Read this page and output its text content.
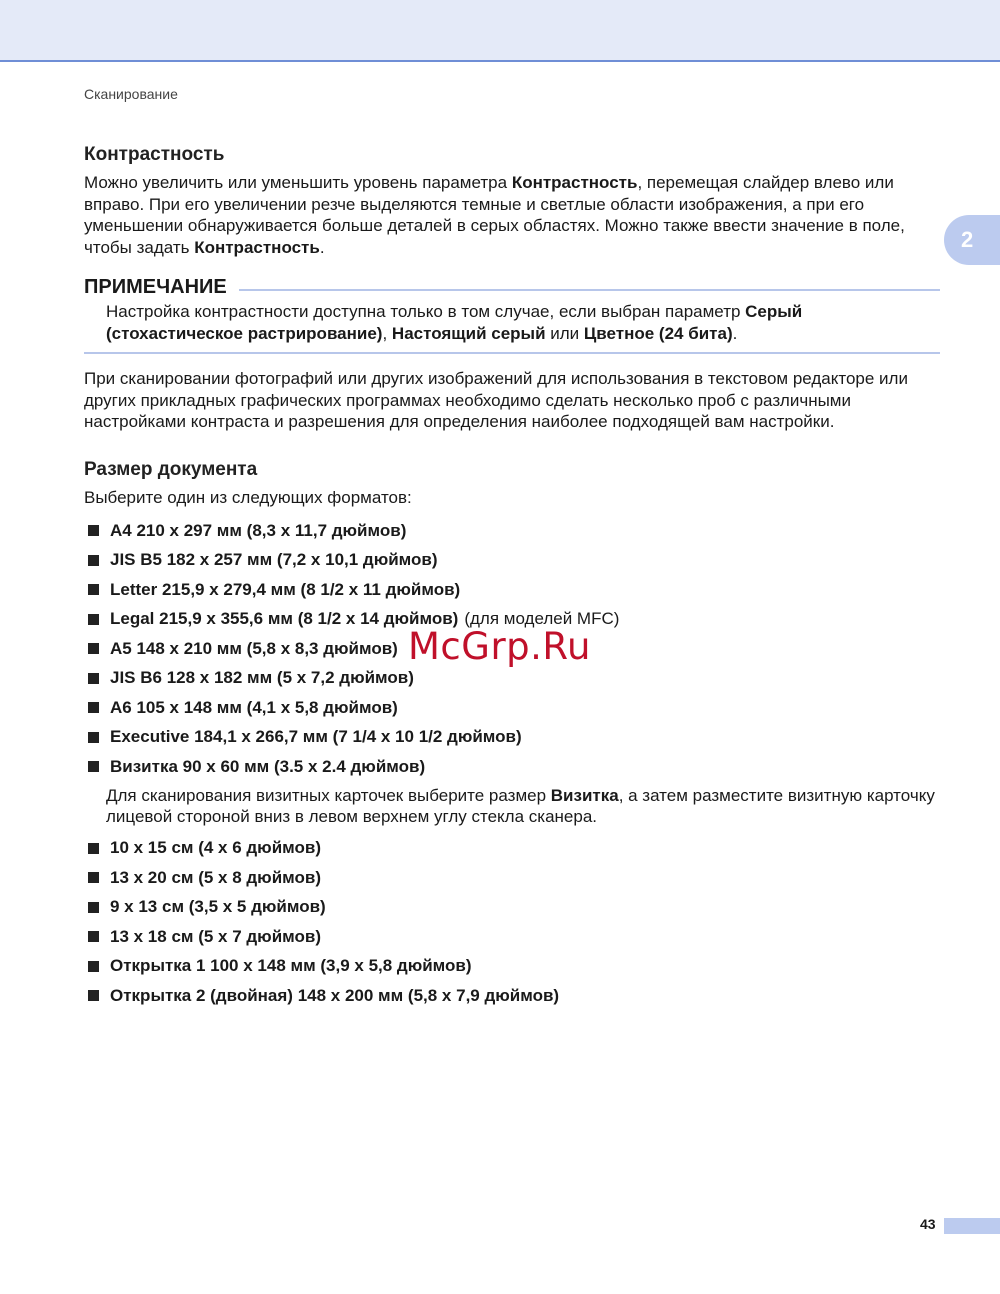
Сканирование
2
Контрастность

Можно увеличить или уменьшить уровень параметра Контрастность, перемещая слайдер влево или вправо. При его увеличении резче выделяются темные и светлые области изображения, а при его уменьшении обнаруживается больше деталей в серых областях. Можно также ввести значение в поле, чтобы задать Контрастность.

ПРИМЕЧАНИЕ

Настройка контрастности доступна только в том случае, если выбран параметр Серый (стохастическое растрирование), Настоящий серый или Цветное (24 бита).

При сканировании фотографий или других изображений для использования в текстовом редакторе или других прикладных графических программах необходимо сделать несколько проб с различными настройками контраста и разрешения для определения наиболее подходящей вам настройки.

Размер документа

Выберите один из следующих форматов:

A4 210 x 297 мм (8,3 x 11,7 дюймов)
JIS B5 182 x 257 мм (7,2 x 10,1 дюймов)
Letter 215,9 x 279,4 мм (8 1/2 x 11 дюймов)
Legal 215,9 x 355,6 мм (8 1/2 x 14 дюймов) (для моделей MFC)
A5 148 x 210 мм (5,8 x 8,3 дюймов)
JIS B6 128 x 182 мм (5 x 7,2 дюймов)
A6 105 x 148 мм (4,1 x 5,8 дюймов)
Executive 184,1 x 266,7 мм (7 1/4 x 10 1/2 дюймов)
Визитка 90 x 60 мм (3.5 x 2.4 дюймов)

Для сканирования визитных карточек выберите размер Визитка, а затем разместите визитную карточку лицевой стороной вниз в левом верхнем углу стекла сканера.

10 x 15 см (4 x 6 дюймов)
13 x 20 см (5 x 8 дюймов)
9 x 13 см (3,5 x 5 дюймов)
13 x 18 см (5 x 7 дюймов)
Открытка 1 100 x 148 мм (3,9 x 5,8 дюймов)
Открытка 2 (двойная) 148 x 200 мм (5,8 x 7,9 дюймов)
McGrp.Ru
43
